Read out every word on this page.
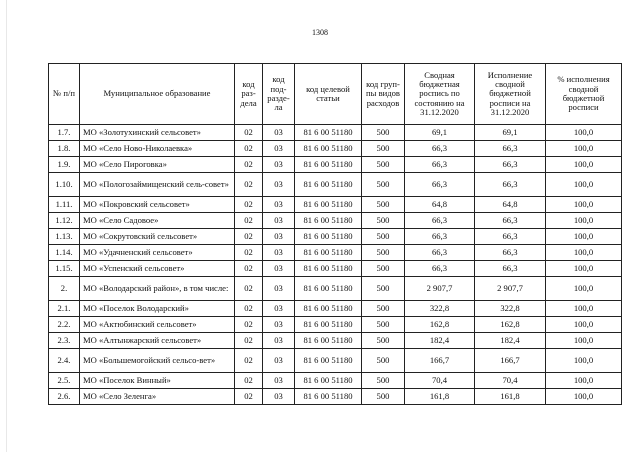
1308
№ п/п	Муниципальное образование	код раз-дела	код под-разде-ла	код целевой статьи	код груп-пы видов расходов	Сводная бюджетная роспись по состоянию на 31.12.2020	Исполнение сводной бюджетной росписи на 31.12.2020	% исполнения сводной бюджетной росписи
1.7.	МО «Золотухинский сельсовет»	02	03	81 6 00 51180	500	69,1	69,1	100,0
1.8.	МО «Село Ново-Николаевка»	02	03	81 6 00 51180	500	66,3	66,3	100,0
1.9.	МО «Село Пироговка»	02	03	81 6 00 51180	500	66,3	66,3	100,0
1.10.	МО «Пологозаймищенский сель-совет»	02	03	81 6 00 51180	500	66,3	66,3	100,0
1.11.	МО «Покровский сельсовет»	02	03	81 6 00 51180	500	64,8	64,8	100,0
1.12.	МО «Село Садовое»	02	03	81 6 00 51180	500	66,3	66,3	100,0
1.13.	МО «Сокрутовский сельсовет»	02	03	81 6 00 51180	500	66,3	66,3	100,0
1.14.	МО «Удачненский сельсовет»	02	03	81 6 00 51180	500	66,3	66,3	100,0
1.15.	МО «Успенский сельсовет»	02	03	81 6 00 51180	500	66,3	66,3	100,0
2.	МО «Володарский район», в том числе:	02	03	81 6 00 51180	500	2 907,7	2 907,7	100,0
2.1.	МО «Поселок Володарский»	02	03	81 6 00 51180	500	322,8	322,8	100,0
2.2.	МО «Актюбинский сельсовет»	02	03	81 6 00 51180	500	162,8	162,8	100,0
2.3.	МО «Алтынжарский сельсовет»	02	03	81 6 00 51180	500	182,4	182,4	100,0
2.4.	МО «Большемогойский сельсо-вет»	02	03	81 6 00 51180	500	166,7	166,7	100,0
2.5.	МО «Поселок Винный»	02	03	81 6 00 51180	500	70,4	70,4	100,0
2.6.	МО «Село Зеленга»	02	03	81 6 00 51180	500	161,8	161,8	100,0
